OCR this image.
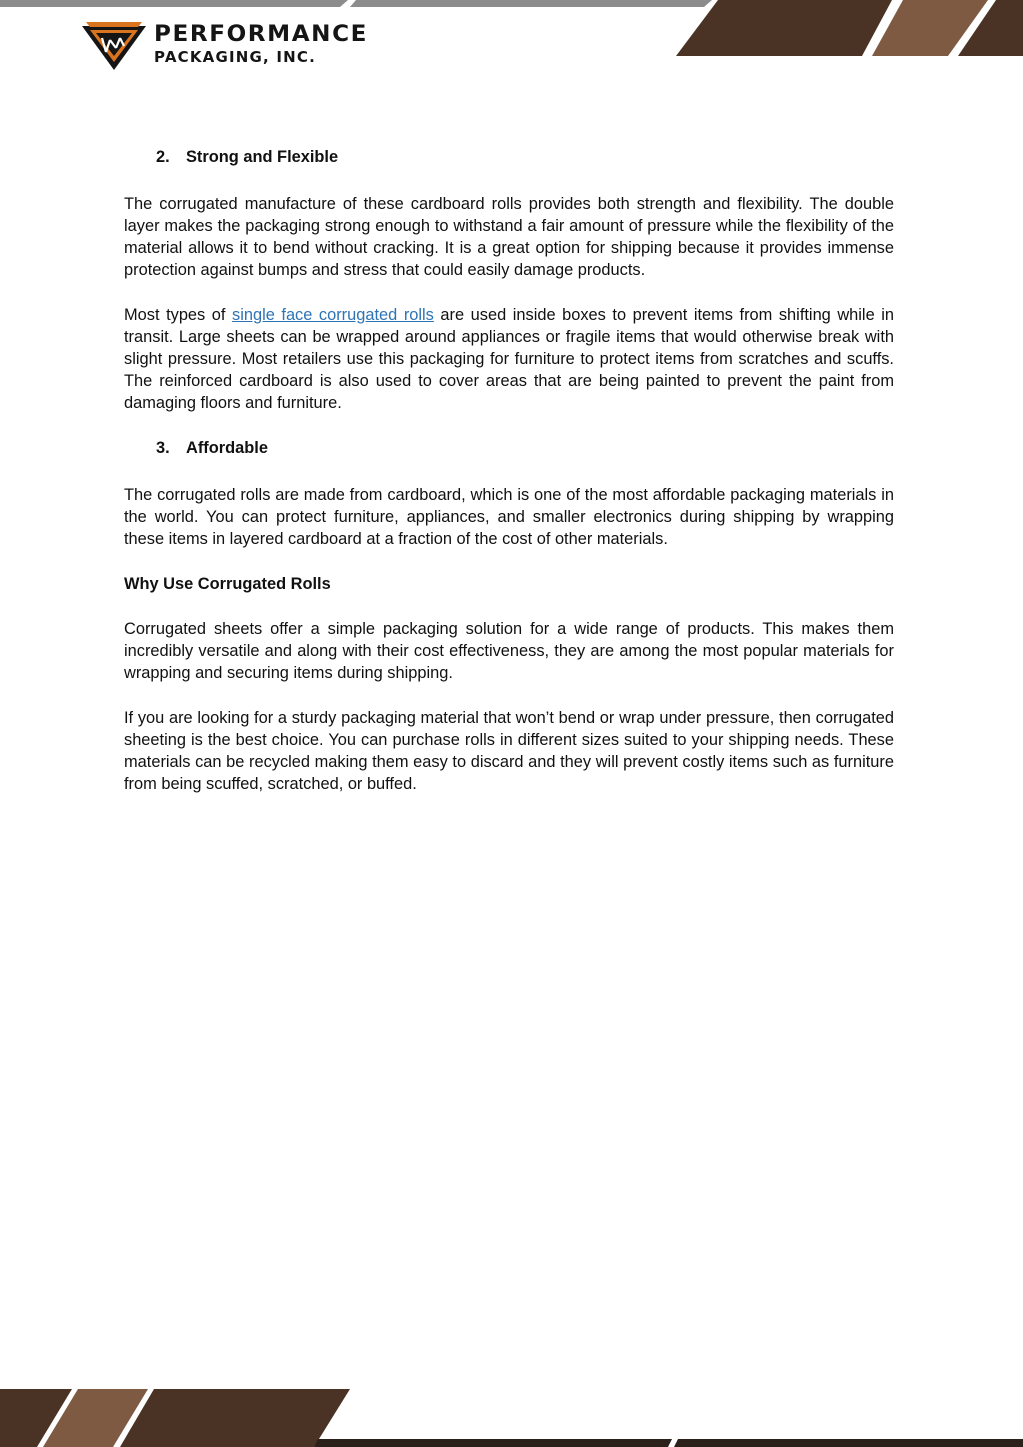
PERFORMANCE
PACKAGING, INC.
2. Strong and Flexible

The corrugated manufacture of these cardboard rolls provides both strength and flexibility. The double layer makes the packaging strong enough to withstand a fair amount of pressure while the flexibility of the material allows it to bend without cracking. It is a great option for shipping because it provides immense protection against bumps and stress that could easily damage products.

Most types of single face corrugated rolls are used inside boxes to prevent items from shifting while in transit. Large sheets can be wrapped around appliances or fragile items that would otherwise break with slight pressure. Most retailers use this packaging for furniture to protect items from scratches and scuffs. The reinforced cardboard is also used to cover areas that are being painted to prevent the paint from damaging floors and furniture.

3. Affordable

The corrugated rolls are made from cardboard, which is one of the most affordable packaging materials in the world. You can protect furniture, appliances, and smaller electronics during shipping by wrapping these items in layered cardboard at a fraction of the cost of other materials.

Why Use Corrugated Rolls

Corrugated sheets offer a simple packaging solution for a wide range of products. This makes them incredibly versatile and along with their cost effectiveness, they are among the most popular materials for wrapping and securing items during shipping.

If you are looking for a sturdy packaging material that won’t bend or wrap under pressure, then corrugated sheeting is the best choice. You can purchase rolls in different sizes suited to your shipping needs. These materials can be recycled making them easy to discard and they will prevent costly items such as furniture from being scuffed, scratched, or buffed.
